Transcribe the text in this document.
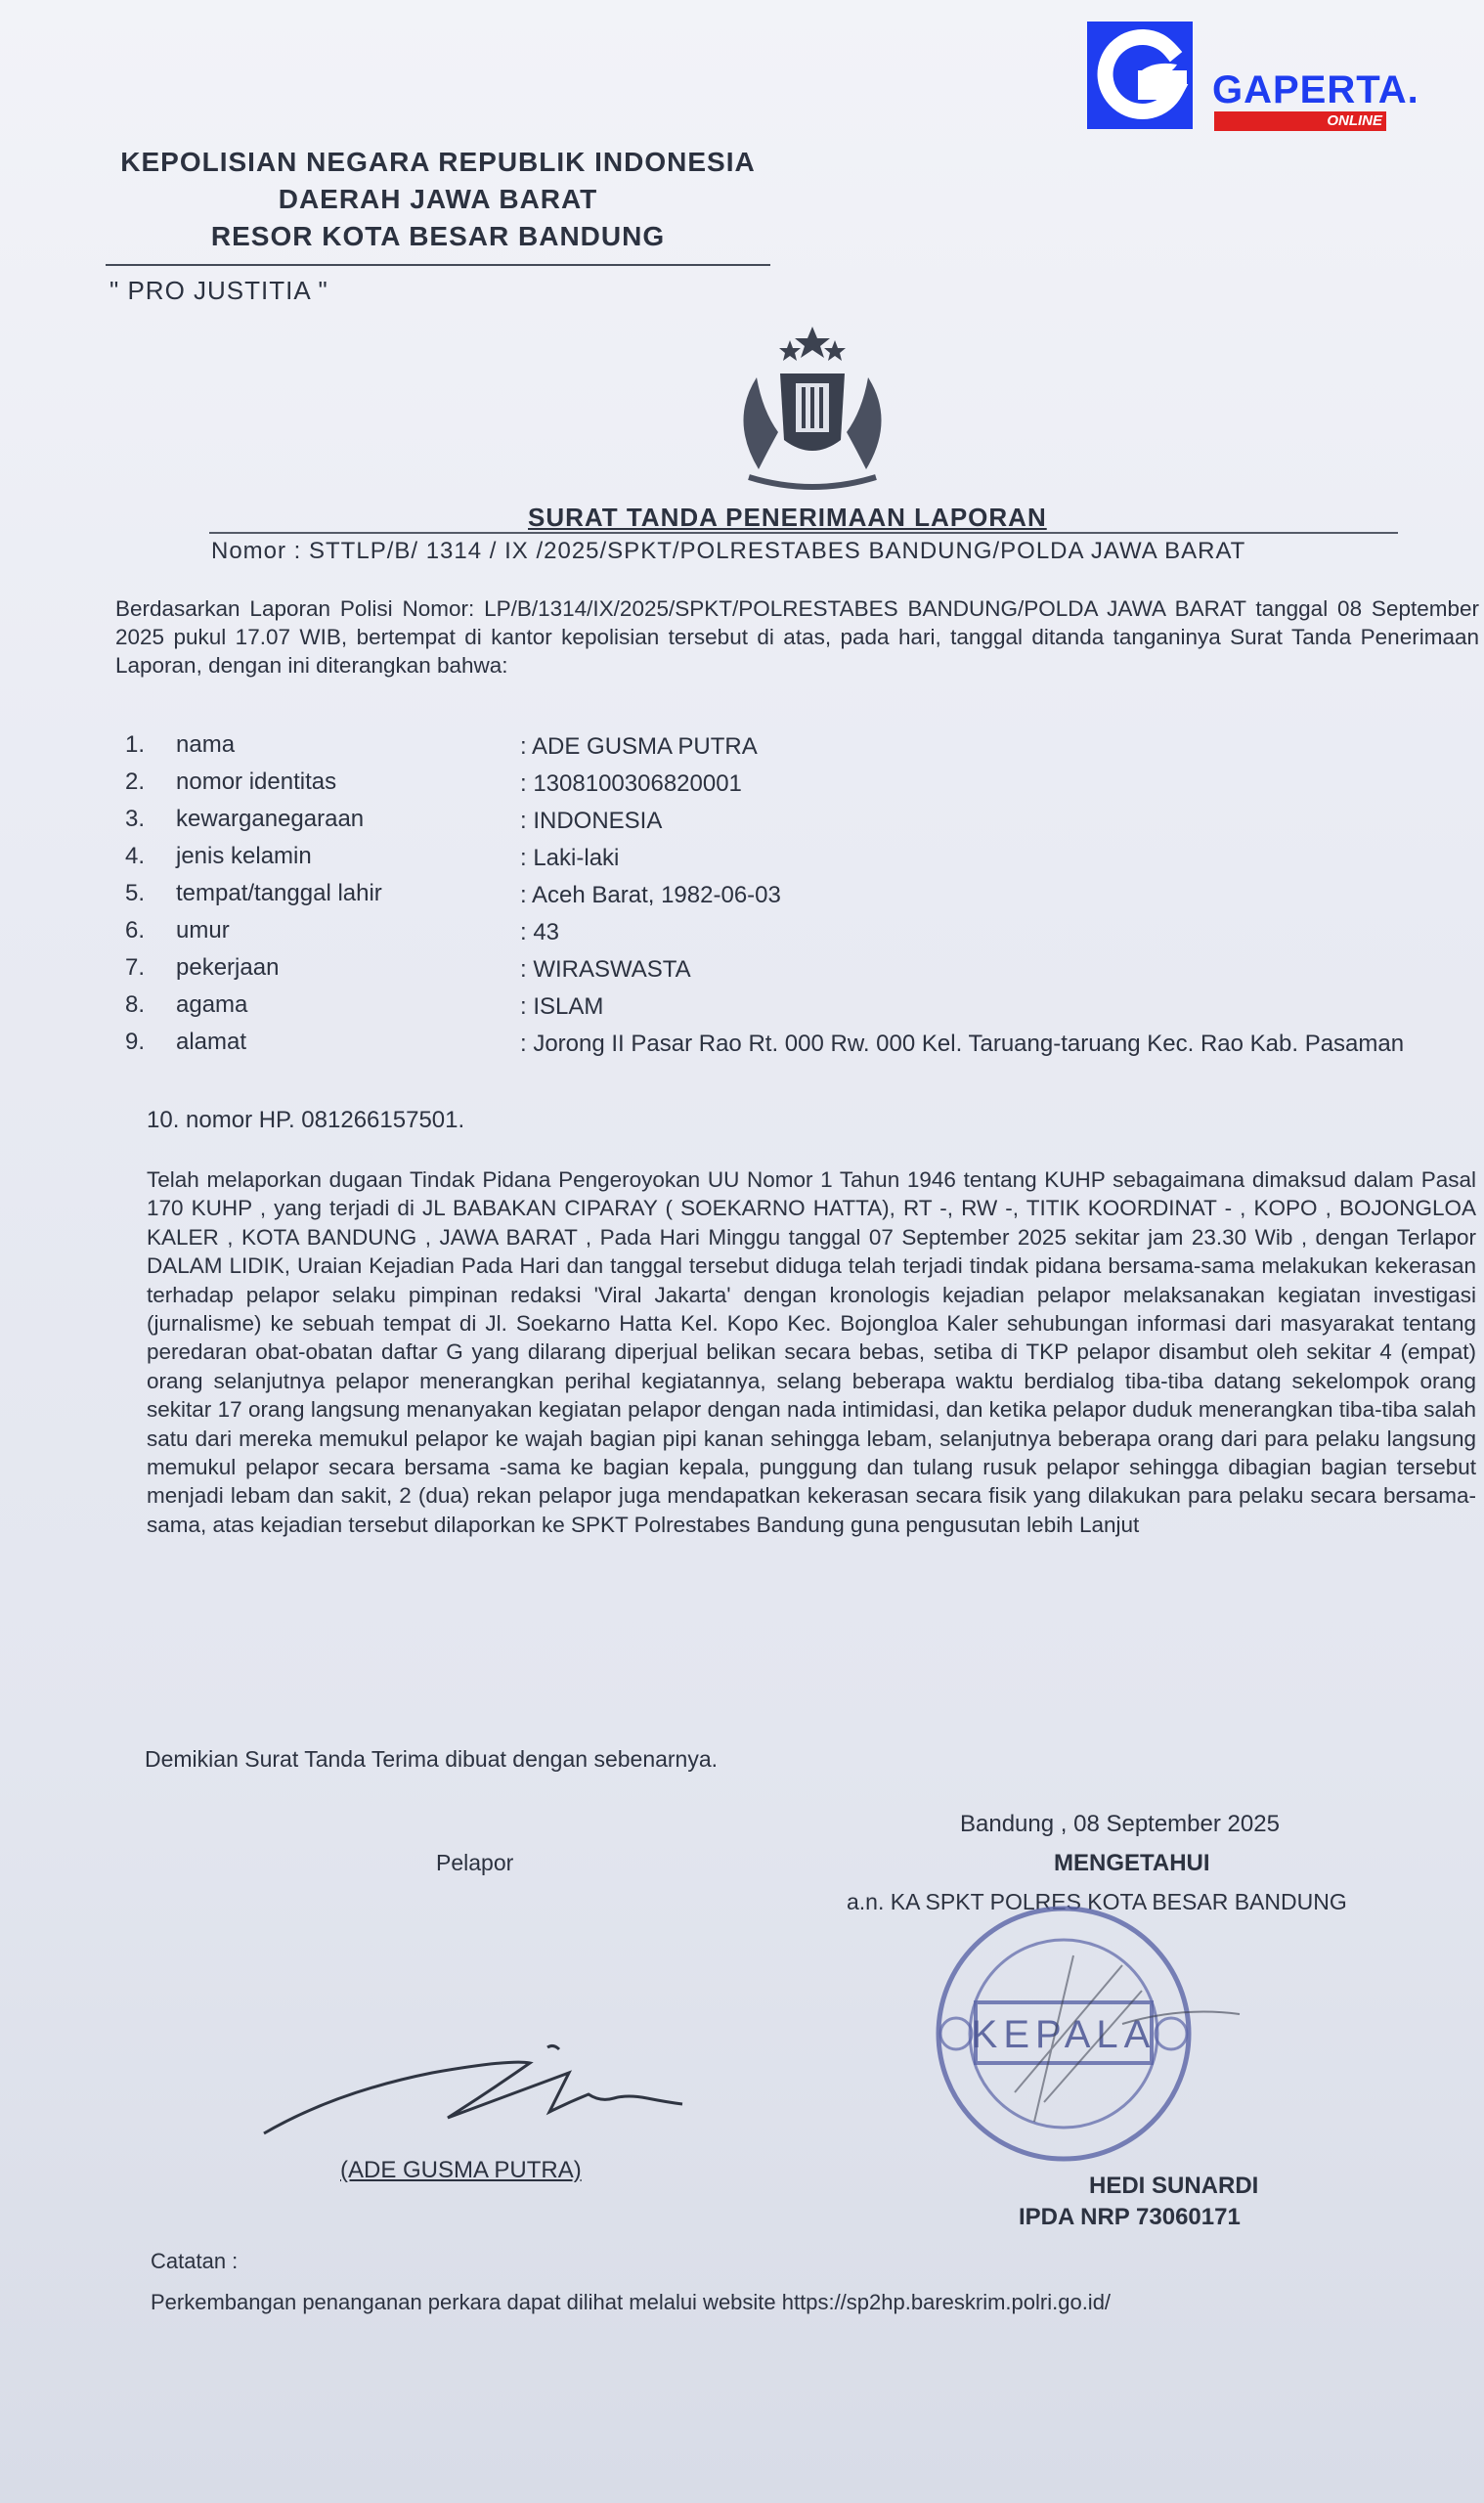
GAPERTA.
ONLINE
KEPOLISIAN NEGARA REPUBLIK INDONESIA
DAERAH JAWA BARAT
RESOR KOTA BESAR BANDUNG
" PRO JUSTITIA "
SURAT TANDA PENERIMAAN LAPORAN
Nomor : STTLP/B/ 1314 / IX /2025/SPKT/POLRESTABES BANDUNG/POLDA JAWA BARAT
Berdasarkan Laporan Polisi Nomor: LP/B/1314/IX/2025/SPKT/POLRESTABES BANDUNG/POLDA JAWA BARAT tanggal 08 September 2025 pukul 17.07 WIB, bertempat di kantor kepolisian tersebut di atas, pada hari, tanggal ditanda tanganinya Surat Tanda Penerimaan Laporan, dengan ini diterangkan bahwa:
1.	nama	: ADE GUSMA PUTRA
2.	nomor identitas	: 1308100306820001
3.	kewarganegaraan	: INDONESIA
4.	jenis kelamin	: Laki-laki
5.	tempat/tanggal lahir	: Aceh Barat, 1982-06-03
6.	umur	: 43
7.	pekerjaan	: WIRASWASTA
8.	agama	: ISLAM
9.	alamat	: Jorong II Pasar Rao Rt. 000 Rw. 000 Kel. Taruang-taruang Kec. Rao Kab. Pasaman
10. nomor HP. 081266157501.
Telah melaporkan dugaan Tindak Pidana Pengeroyokan UU Nomor 1 Tahun 1946 tentang KUHP sebagaimana dimaksud dalam Pasal 170 KUHP , yang terjadi di JL BABAKAN CIPARAY ( SOEKARNO HATTA), RT -, RW -, TITIK KOORDINAT - , KOPO , BOJONGLOA KALER , KOTA BANDUNG , JAWA BARAT , Pada Hari Minggu tanggal 07 September 2025 sekitar jam 23.30 Wib , dengan Terlapor DALAM LIDIK, Uraian Kejadian Pada Hari dan tanggal tersebut diduga telah terjadi tindak pidana bersama-sama melakukan kekerasan terhadap pelapor selaku pimpinan redaksi 'Viral Jakarta' dengan kronologis kejadian pelapor melaksanakan kegiatan investigasi (jurnalisme) ke sebuah tempat di Jl. Soekarno Hatta Kel. Kopo Kec. Bojongloa Kaler sehubungan informasi dari masyarakat tentang peredaran obat-obatan daftar G yang dilarang diperjual belikan secara bebas, setiba di TKP pelapor disambut oleh sekitar 4 (empat) orang selanjutnya pelapor menerangkan perihal kegiatannya, selang beberapa waktu berdialog tiba-tiba datang sekelompok orang sekitar 17 orang langsung menanyakan kegiatan pelapor dengan nada intimidasi, dan ketika pelapor duduk menerangkan tiba-tiba salah satu dari mereka memukul pelapor ke wajah bagian pipi kanan sehingga lebam, selanjutnya beberapa orang dari para pelaku langsung memukul pelapor secara bersama -sama ke bagian kepala, punggung dan tulang rusuk pelapor sehingga dibagian bagian tersebut menjadi lebam dan sakit, 2 (dua) rekan pelapor juga mendapatkan kekerasan secara fisik yang dilakukan para pelaku secara bersama-sama, atas kejadian tersebut dilaporkan ke SPKT Polrestabes Bandung guna pengusutan lebih Lanjut
Demikian Surat Tanda Terima dibuat dengan sebenarnya.
Bandung , 08 September 2025
Pelapor	MENGETAHUI
a.n. KA SPKT POLRES KOTA BESAR BANDUNG
(ADE GUSMA PUTRA)
KEPALA
HEDI SUNARDI
IPDA NRP 73060171
Catatan :
Perkembangan penanganan perkara dapat dilihat melalui website https://sp2hp.bareskrim.polri.go.id/
